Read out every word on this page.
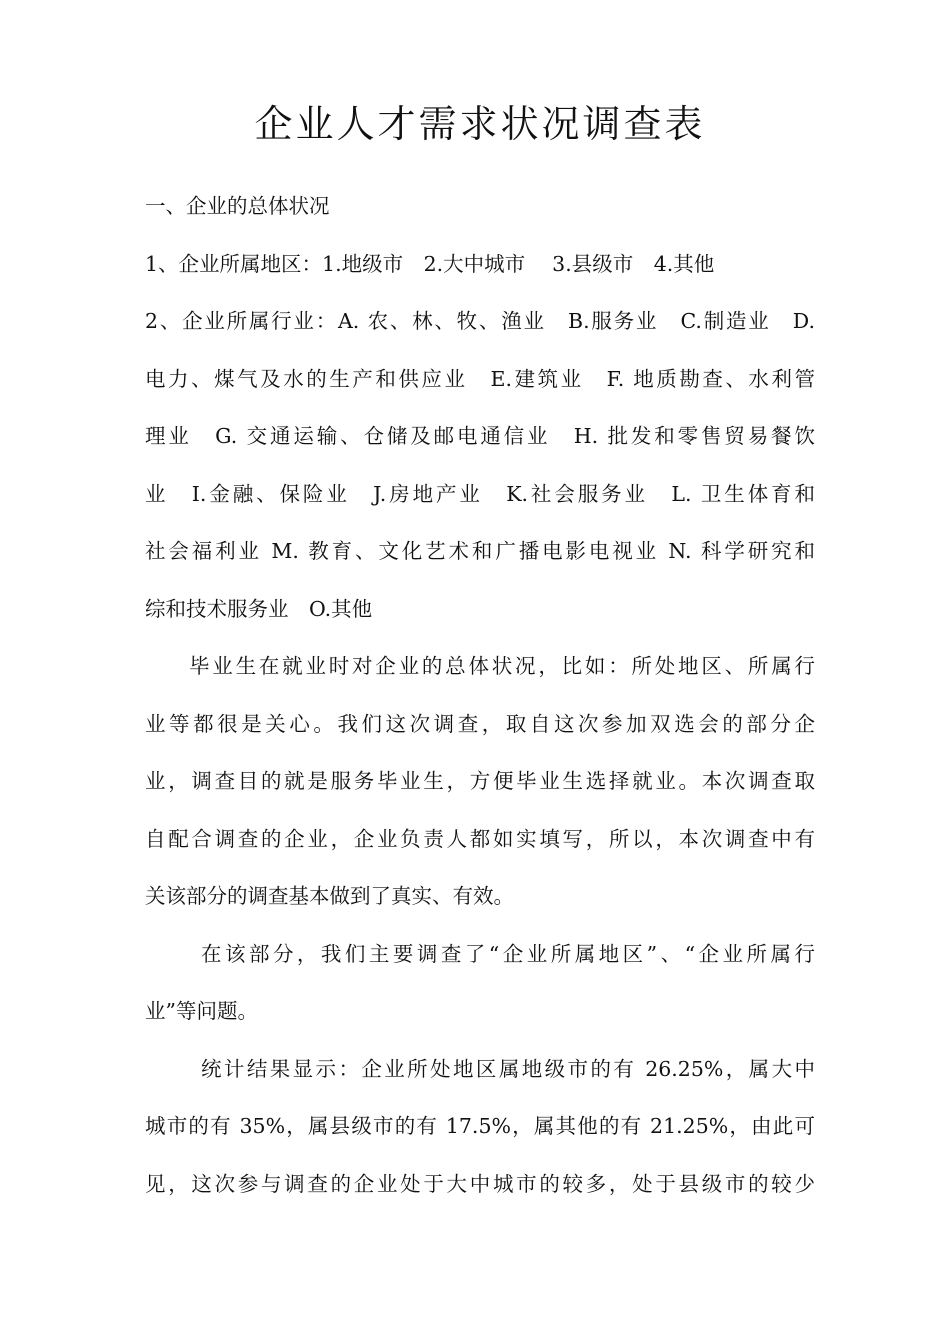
企业人才需求状况调查表
一、企业的总体状况
1、企业所属地区：1.地级市　2.大中城市　 3.县级市　4.其他
2、企业所属行业：A. 农、林、牧、渔业　B.服务业　C.制造业　D.
电力、煤气及水的生产和供应业　E.建筑业　F. 地质勘查、水利管
理业　G. 交通运输、仓储及邮电通信业　H. 批发和零售贸易餐饮
业　I.金融、保险业　J.房地产业　K.社会服务业　L. 卫生体育和
社会福利业 M. 教育、文化艺术和广播电影电视业 N. 科学研究和
综和技术服务业　O.其他
毕业生在就业时对企业的总体状况，比如：所处地区、所属行
业等都很是关心。我们这次调查，取自这次参加双选会的部分企
业，调查目的就是服务毕业生，方便毕业生选择就业。本次调查取
自配合调查的企业，企业负责人都如实填写，所以，本次调查中有
关该部分的调查基本做到了真实、有效。
在该部分，我们主要调查了“企业所属地区”、“企业所属行
业”等问题。
统计结果显示：企业所处地区属地级市的有 26.25%，属大中
城市的有 35%，属县级市的有 17.5%，属其他的有 21.25%，由此可
见，这次参与调查的企业处于大中城市的较多，处于县级市的较少
